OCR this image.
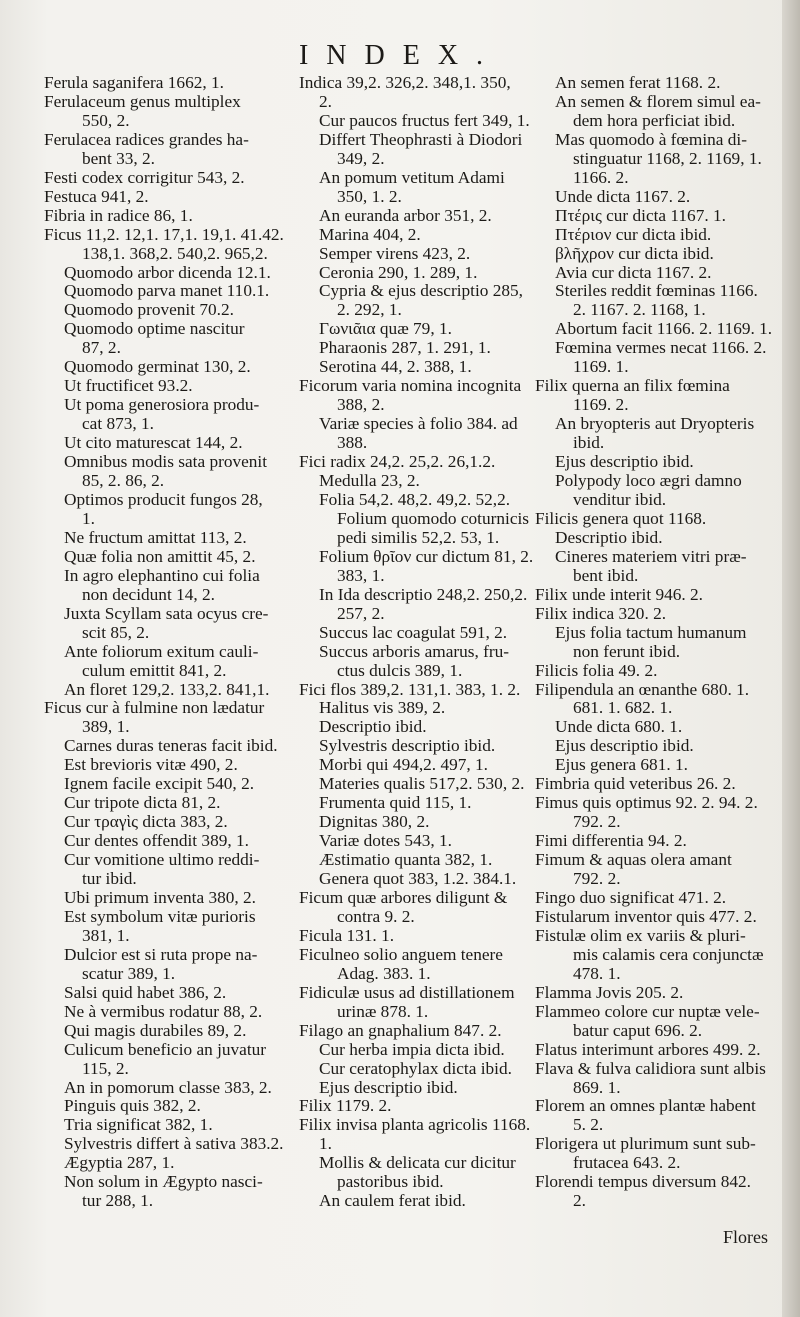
INDEX.
Ferula saganifera 1662, 1.
Ferulaceum genus multiplex
550, 2.
Ferulacea radices grandes ha-
bent 33, 2.
Festi codex corrigitur 543, 2.
Festuca 941, 2.
Fibria in radice 86, 1.
Ficus 11,2. 12,1. 17,1. 19,1. 41.42.
138,1. 368,2. 540,2. 965,2.
Quomodo arbor dicenda 12.1.
Quomodo parva manet 110.1.
Quomodo provenit 70.2.
Quomodo optime nascitur
87, 2.
Quomodo germinat 130, 2.
Ut fructificet 93.2.
Ut poma generosiora produ-
cat 873, 1.
Ut cito maturescat 144, 2.
Omnibus modis sata provenit
85, 2. 86, 2.
Optimos producit fungos 28,
1.
Ne fructum amittat 113, 2.
Quæ folia non amittit 45, 2.
In agro elephantino cui folia
non decidunt 14, 2.
Juxta Scyllam sata ocyus cre-
scit 85, 2.
Ante foliorum exitum cauli-
culum emittit 841, 2.
An floret 129,2. 133,2. 841,1.
Ficus cur à fulmine non lædatur
389, 1.
Carnes duras teneras facit ibid.
Est brevioris vitæ 490, 2.
Ignem facile excipit 540, 2.
Cur tripote dicta 81, 2.
Cur τραγὶς dicta 383, 2.
Cur dentes offendit 389, 1.
Cur vomitione ultimo reddi-
tur ibid.
Ubi primum inventa 380, 2.
Est symbolum vitæ purioris
381, 1.
Dulcior est si ruta prope na-
scatur 389, 1.
Salsi quid habet 386, 2.
Ne à vermibus rodatur 88, 2.
Qui magis durabiles 89, 2.
Culicum beneficio an juvatur
115, 2.
An in pomorum classe 383, 2.
Pinguis quis 382, 2.
Tria significat 382, 1.
Sylvestris differt à sativa 383.2.
Ægyptia 287, 1.
Non solum in Ægypto nasci-
tur 288, 1.
Indica 39,2. 326,2. 348,1. 350,
2.
Cur paucos fructus fert 349, 1.
Differt Theophrasti à Diodori
349, 2.
An pomum vetitum Adami
350, 1. 2.
An euranda arbor 351, 2.
Marina 404, 2.
Semper virens 423, 2.
Ceronia 290, 1. 289, 1.
Cypria & ejus descriptio 285,
2. 292, 1.
Γωνιᾶια quæ 79, 1.
Pharaonis 287, 1. 291, 1.
Serotina 44, 2. 388, 1.
Ficorum varia nomina incognita
388, 2.
Variæ species à folio 384. ad
388.
Fici radix 24,2. 25,2. 26,1.2.
Medulla 23, 2.
Folia 54,2. 48,2. 49,2. 52,2.
Folium quomodo coturnicis
pedi similis 52,2. 53, 1.
Folium θρῖον cur dictum 81, 2.
383, 1.
In Ida descriptio 248,2. 250,2.
257, 2.
Succus lac coagulat 591, 2.
Succus arboris amarus, fru-
ctus dulcis 389, 1.
Fici flos 389,2. 131,1. 383, 1. 2.
Halitus vis 389, 2.
Descriptio ibid.
Sylvestris descriptio ibid.
Morbi qui 494,2. 497, 1.
Materies qualis 517,2. 530, 2.
Frumenta quid 115, 1.
Dignitas 380, 2.
Variæ dotes 543, 1.
Æstimatio quanta 382, 1.
Genera quot 383, 1.2. 384.1.
Ficum quæ arbores diligunt &
contra 9. 2.
Ficula 131. 1.
Ficulneo solio anguem tenere
Adag. 383. 1.
Fidiculæ usus ad distillationem
urinæ 878. 1.
Filago an gnaphalium 847. 2.
Cur herba impia dicta ibid.
Cur ceratophylax dicta ibid.
Ejus descriptio ibid.
Filix 1179. 2.
Filix invisa planta agricolis 1168.
1.
Mollis & delicata cur dicitur
pastoribus ibid.
An caulem ferat ibid.
An semen ferat 1168. 2.
An semen & florem simul ea-
dem hora perficiat ibid.
Mas quomodo à fœmina di-
stinguatur 1168, 2. 1169, 1.
1166. 2.
Unde dicta 1167. 2.
Πτέρις cur dicta 1167. 1.
Πτέριον cur dicta ibid.
βλῆχρον cur dicta ibid.
Avia cur dicta 1167. 2.
Steriles reddit fœminas 1166.
2. 1167. 2. 1168, 1.
Abortum facit 1166. 2. 1169. 1.
Fœmina vermes necat 1166. 2.
1169. 1.
Filix querna an filix fœmina
1169. 2.
An bryopteris aut Dryopteris
ibid.
Ejus descriptio ibid.
Polypody loco ægri damno
venditur ibid.
Filicis genera quot 1168.
Descriptio ibid.
Cineres materiem vitri præ-
bent ibid.
Filix unde interit 946. 2.
Filix indica 320. 2.
Ejus folia tactum humanum
non ferunt ibid.
Filicis folia 49. 2.
Filipendula an œnanthe 680. 1.
681. 1. 682. 1.
Unde dicta 680. 1.
Ejus descriptio ibid.
Ejus genera 681. 1.
Fimbria quid veteribus 26. 2.
Fimus quis optimus 92. 2. 94. 2.
792. 2.
Fimi differentia 94. 2.
Fimum & aquas olera amant
792. 2.
Fingo duo significat 471. 2.
Fistularum inventor quis 477. 2.
Fistulæ olim ex variis & pluri-
mis calamis cera conjunctæ
478. 1.
Flamma Jovis 205. 2.
Flammeo colore cur nuptæ vele-
batur caput 696. 2.
Flatus interimunt arbores 499. 2.
Flava & fulva calidiora sunt albis
869. 1.
Florem an omnes plantæ habent
5. 2.
Florigera ut plurimum sunt sub-
frutacea 643. 2.
Florendi tempus diversum 842.
2.
Flores
